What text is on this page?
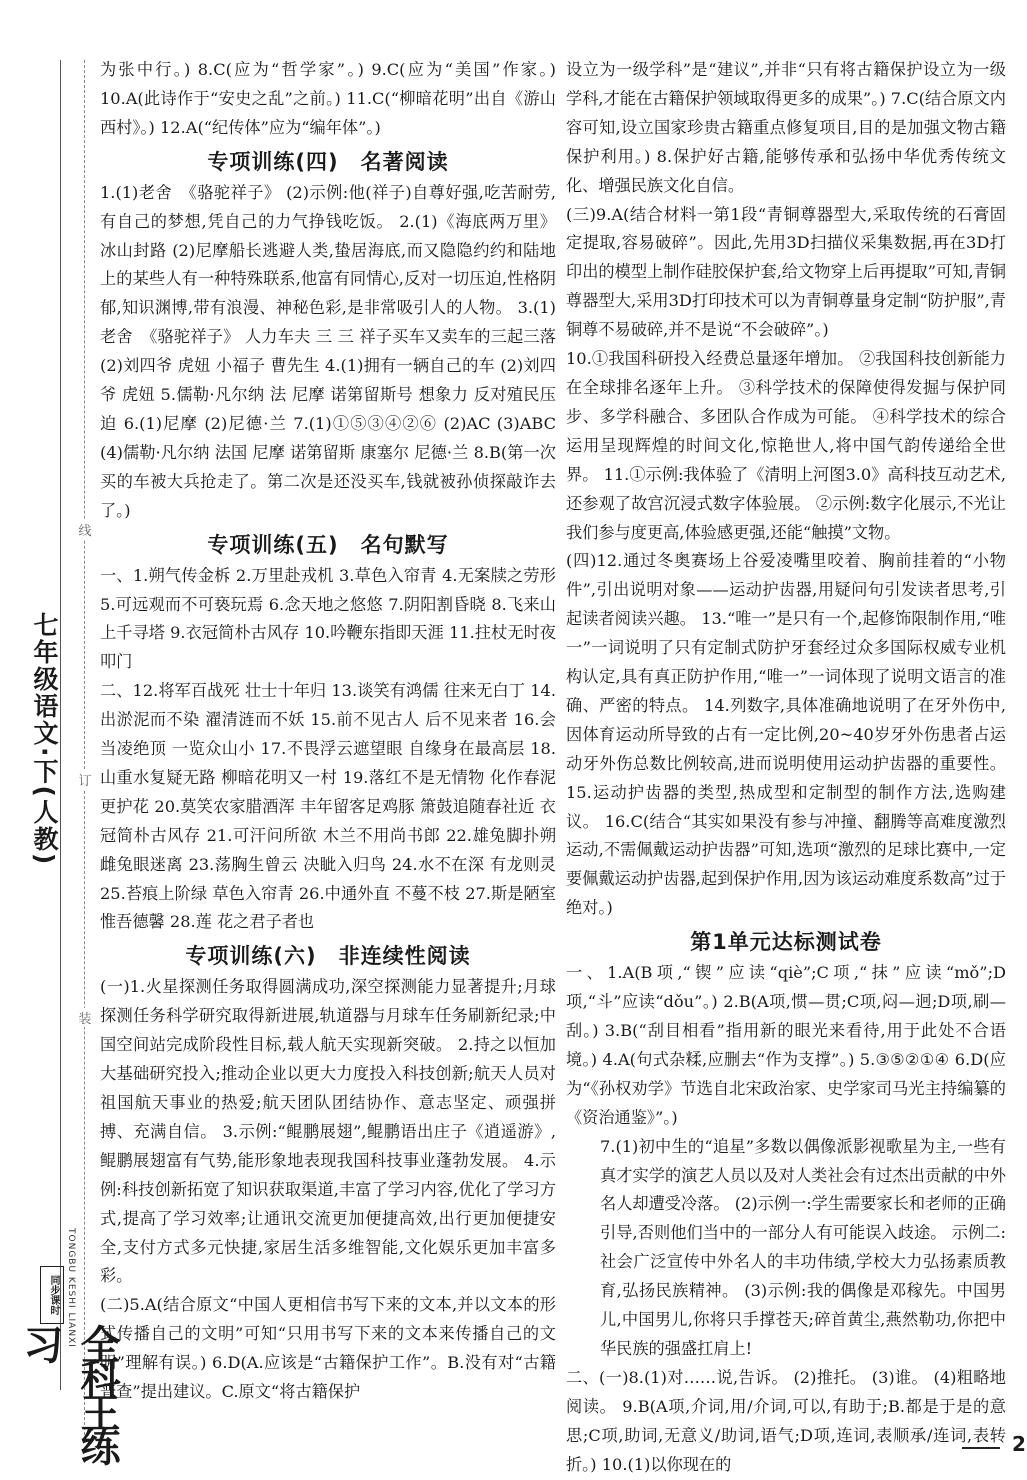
线
订
装
七年级语文·下(人教)
TONGBU KESHI LIANXI
同步课时
全科王练习

为张中行。) 8.C(应为“哲学家”。) 9.C(应为“美国”作家。) 10.A(此诗作于“安史之乱”之前。) 11.C(“柳暗花明”出自《游山西村》。) 12.A(“纪传体”应为“编年体”。)

专项训练(四)　名著阅读

1.(1)老舍　《骆驼祥子》 (2)示例:他(祥子)自尊好强,吃苦耐劳,有自己的梦想,凭自己的力气挣钱吃饭。 2.(1)《海底两万里》 冰山封路 (2)尼摩船长逃避人类,蛰居海底,而又隐隐约约和陆地上的某些人有一种特殊联系,他富有同情心,反对一切压迫,性格阴郁,知识渊博,带有浪漫、神秘色彩,是非常吸引人的人物。 3.(1)老舍　《骆驼祥子》 人力车夫 三 三 祥子买车又卖车的三起三落 (2)刘四爷 虎妞 小福子 曹先生 4.(1)拥有一辆自己的车 (2)刘四爷 虎妞 5.儒勒·凡尔纳 法 尼摩 诺第留斯号 想象力 反对殖民压迫 6.(1)尼摩 (2)尼德·兰 7.(1)①⑤③④②⑥ (2)AC (3)ABC (4)儒勒·凡尔纳 法国 尼摩 诺第留斯 康塞尔 尼德·兰 8.B(第一次买的车被大兵抢走了。第二次是还没买车,钱就被孙侦探敲诈去了。)

专项训练(五)　名句默写

一、1.朔气传金柝 2.万里赴戎机 3.草色入帘青 4.无案牍之劳形 5.可远观而不可亵玩焉 6.念天地之悠悠 7.阴阳割昏晓 8.飞来山上千寻塔 9.衣冠简朴古风存 10.吟鞭东指即天涯 11.拄杖无时夜叩门

二、12.将军百战死 壮士十年归 13.谈笑有鸿儒 往来无白丁 14.出淤泥而不染 濯清涟而不妖 15.前不见古人 后不见来者 16.会当凌绝顶 一览众山小 17.不畏浮云遮望眼 自缘身在最高层 18.山重水复疑无路 柳暗花明又一村 19.落红不是无情物 化作春泥更护花 20.莫笑农家腊酒浑 丰年留客足鸡豚 箫鼓追随春社近 衣冠简朴古风存 21.可汗问所欲 木兰不用尚书郎 22.雄兔脚扑朔 雌兔眼迷离 23.荡胸生曾云 决眦入归鸟 24.水不在深 有龙则灵 25.苔痕上阶绿 草色入帘青 26.中通外直 不蔓不枝 27.斯是陋室 惟吾德馨 28.莲 花之君子者也

专项训练(六)　非连续性阅读

(一)1.火星探测任务取得圆满成功,深空探测能力显著提升;月球探测任务科学研究取得新进展,轨道器与月球车任务刷新纪录;中国空间站完成阶段性目标,载人航天实现新突破。 2.持之以恒加大基础研究投入;推动企业以更大力度投入科技创新;航天人员对祖国航天事业的热爱;航天团队团结协作、意志坚定、顽强拼搏、充满自信。 3.示例:“鲲鹏展翅”,鲲鹏语出庄子《逍遥游》,鲲鹏展翅富有气势,能形象地表现我国科技事业蓬勃发展。 4.示例:科技创新拓宽了知识获取渠道,丰富了学习内容,优化了学习方式,提高了学习效率;让通讯交流更加便捷高效,出行更加便捷安全,支付方式多元快捷,家居生活多维智能,文化娱乐更加丰富多彩。

(二)5.A(结合原文“中国人更相信书写下来的文本,并以文本的形式传播自己的文明”可知“只用书写下来的文本来传播自己的文明”理解有误。) 6.D(A.应该是“古籍保护工作”。B.没有对“古籍普查”提出建议。C.原文“将古籍保护

设立为一级学科”是“建议”,并非“只有将古籍保护设立为一级学科,才能在古籍保护领域取得更多的成果”。) 7.C(结合原文内容可知,设立国家珍贵古籍重点修复项目,目的是加强文物古籍保护利用。) 8.保护好古籍,能够传承和弘扬中华优秀传统文化、增强民族文化自信。

(三)9.A(结合材料一第1段“青铜尊器型大,采取传统的石膏固定提取,容易破碎”。因此,先用3D扫描仪采集数据,再在3D打印出的模型上制作硅胶保护套,给文物穿上后再提取”可知,青铜尊器型大,采用3D打印技术可以为青铜尊量身定制“防护服”,青铜尊不易破碎,并不是说“不会破碎”。)

10.①我国科研投入经费总量逐年增加。 ②我国科技创新能力在全球排名逐年上升。 ③科学技术的保障使得发掘与保护同步、多学科融合、多团队合作成为可能。 ④科学技术的综合运用呈现辉煌的时间文化,惊艳世人,将中国气韵传递给全世界。 11.①示例:我体验了《清明上河图3.0》高科技互动艺术,还参观了故宫沉浸式数字体验展。 ②示例:数字化展示,不光让我们参与度更高,体验感更强,还能“触摸”文物。

(四)12.通过冬奥赛场上谷爱凌嘴里咬着、胸前挂着的“小物件”,引出说明对象——运动护齿器,用疑问句引发读者思考,引起读者阅读兴趣。 13.“唯一”是只有一个,起修饰限制作用,“唯一”一词说明了只有定制式防护牙套经过众多国际权威专业机构认定,具有真正防护作用,“唯一”一词体现了说明文语言的准确、严密的特点。 14.列数字,具体准确地说明了在牙外伤中,因体育运动所导致的占有一定比例,20~40岁牙外伤患者占运动牙外伤总数比例较高,进而说明使用运动护齿器的重要性。 15.运动护齿器的类型,热成型和定制型的制作方法,选购建议。 16.C(结合“其实如果没有参与冲撞、翻腾等高难度激烈运动,不需佩戴运动护齿器”可知,选项“激烈的足球比赛中,一定要佩戴运动护齿器,起到保护作用,因为该运动难度系数高”过于绝对。)

第1单元达标测试卷

一、1.A(B项,“锲”应读“qiè”;C项,“抹”应读“mǒ”;D项,“斗”应读“dǒu”。) 2.B(A项,惯—贯;C项,闷—迥;D项,刷—刮。) 3.B(“刮目相看”指用新的眼光来看待,用于此处不合语境。) 4.A(句式杂糅,应删去“作为支撑”。) 5.③⑤②①④ 6.D(应为“《孙权劝学》节选自北宋政治家、史学家司马光主持编纂的《资治通鉴》”。)

7.(1)初中生的“追星”多数以偶像派影视歌星为主,一些有真才实学的演艺人员以及对人类社会有过杰出贡献的中外名人却遭受冷落。 (2)示例一:学生需要家长和老师的正确引导,否则他们当中的一部分人有可能误入歧途。 示例二:社会广泛宣传中外名人的丰功伟绩,学校大力弘扬素质教育,弘扬民族精神。 (3)示例:我的偶像是邓稼先。中国男儿,中国男儿,你将只手撑苍天;碎首黄尘,燕然勒功,你把中华民族的强盛扛肩上!

二、(一)8.(1)对……说,告诉。 (2)推托。 (3)谁。 (4)粗略地阅读。 9.B(A项,介词,用/介词,可以,有助于;B.都是于是的意思;C项,助词,无意义/助词,语气;D项,连词,表顺承/连词,表转折。) 10.(1)以你现在的

2
